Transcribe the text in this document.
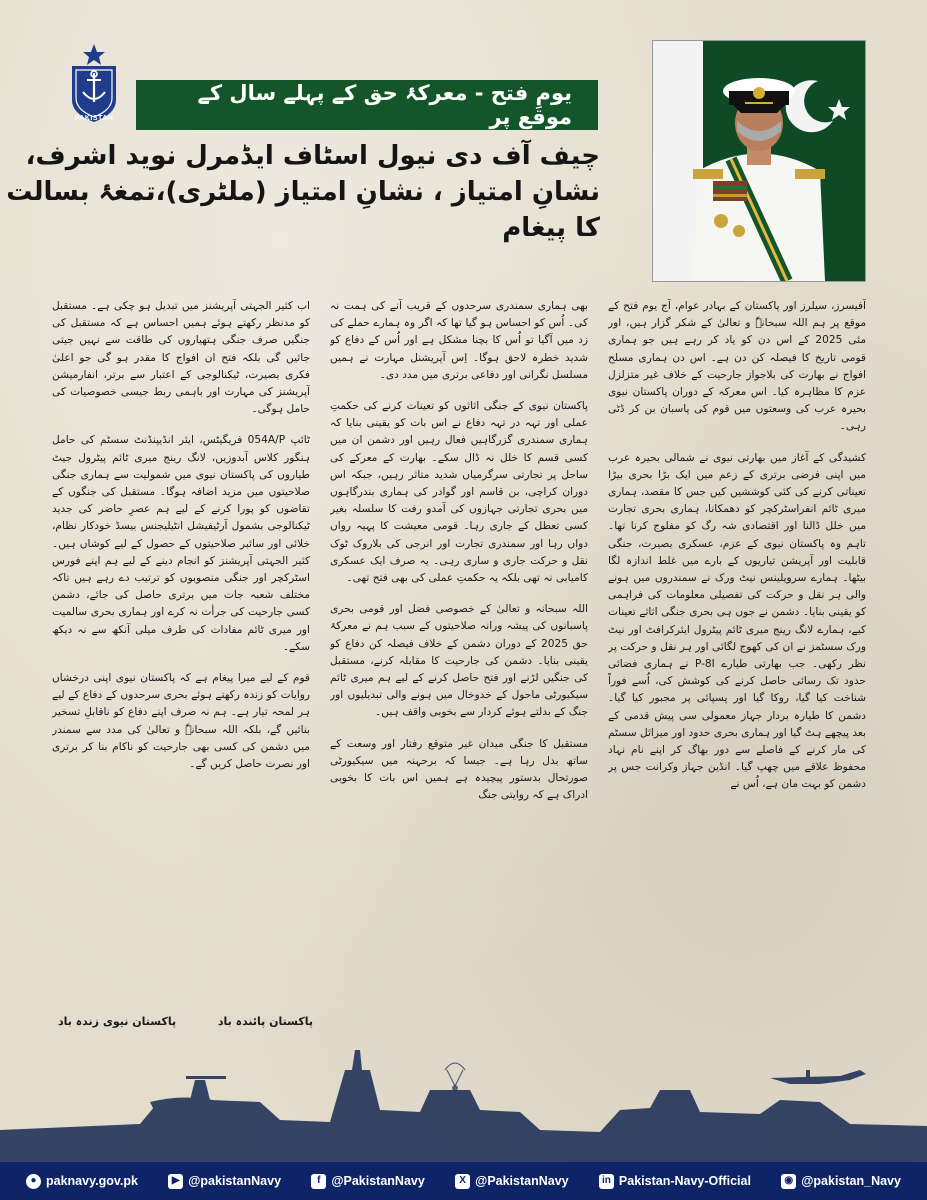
PAKISTAN
یومِ فتح - معرکۂ حق کے پہلے سال کے موقع پر
چیف آف دی نیول اسٹاف ایڈمرل نوید اشرف،
نشانِ امتیاز ، نشانِ امتیاز (ملٹری)،تمغۂ بسالت
کا پیغام

آفیسرز، سیلرز اور پاکستان کے بہادر عوام، آج یوم فتح کے موقع پر ہم اللہ سبحانہٗ و تعالیٰ کے شکر گزار ہیں، اور مئی 2025 کے اس دن کو یاد کر رہے ہیں جو ہماری قومی تاریخ کا فیصلہ کن دن ہے۔ اس دن ہماری مسلح افواج نے بھارت کی بلاجواز جارحیت کے خلاف غیر متزلزل عزم کا مظاہرہ کیا۔ اس معرکہ کے دوران پاکستان نیوی بحیرہ عرب کی وسعتوں میں قوم کی پاسبان بن کر ڈٹی رہی۔

کشیدگی کے آغاز میں بھارتی نیوی نے شمالی بحیرہ عرب میں اپنی فرضی برتری کے زعم میں ایک بڑا بحری بیڑا تعیناتی کرنے کی کئی کوششیں کیں جس کا مقصد، ہماری میری ٹائم انفراسٹرکچر کو دھمکانا، ہماری بحری تجارت میں خلل ڈالنا اور اقتصادی شہ رگ کو مفلوج کرنا تھا۔ تاہم وہ پاکستان نیوی کے عزم، عسکری بصیرت، جنگی قابلیت اور آپریشن تیاریوں کے بارے میں غلط اندازہ لگا بیٹھا۔ ہمارے سرویلینس نیٹ ورک نے سمندروں میں ہونے والی ہر نقل و حرکت کی تفصیلی معلومات کی فراہمی کو یقینی بنایا۔ دشمن نے جوں ہی بحری جنگی اثاثے تعینات کیے، ہمارے لانگ رینج میری ٹائم پیٹرول ایئرکرافٹ اور نیٹ ورک سسٹمز نے ان کی کھوج لگائی اور ہر نقل و حرکت پر نظر رکھی۔ جب بھارتی طیارے P-8I نے ہماری فضائی حدود تک رسائی حاصل کرنے کی کوشش کی، اُسے فوراً شناخت کیا گیا، روکا گیا اور پسپائی پر مجبور کیا گیا۔ دشمن کا طیارہ بردار جہاز معمولی سی پیش قدمی کے بعد پیچھے ہٹ گیا اور ہماری بحری حدود اور میزائل سسٹم کی مار کرنے کے فاصلے سے دور بھاگ کر اپنے نام نہاد محفوظ علاقے میں چھپ گیا۔ انڈین جہاز وکرانت جس پر دشمن کو بہت مان ہے، اُس نے

بھی ہماری سمندری سرحدوں کے قریب آنے کی ہمت نہ کی۔ اُس کو احساس ہو گیا تھا کہ اگر وہ ہمارے حملے کی زد میں آگیا تو اُس کا بچنا مشکل ہے اور اُس کے دفاع کو شدید خطرہ لاحق ہوگا۔ اِس آپریشنل مہارت نے ہمیں مسلسل نگرانی اور دفاعی برتری میں مدد دی۔

پاکستان نیوی کے جنگی اثاثوں کو تعینات کرنے کی حکمتِ عملی اور تہہ در تہہ دفاع نے اس بات کو یقینی بنایا کہ ہماری سمندری گزرگاہیں فعال رہیں اور دشمن ان میں کسی قسم کا خلل نہ ڈال سکے۔ بھارت کے معرکے کی ساحل پر تجارتی سرگرمیاں شدید متاثر رہیں، جبکہ اس دوران کراچی، بن قاسم اور گوادر کی ہماری بندرگاہوں میں بحری تجارتی جہازوں کی آمدو رفت کا سلسلہ بغیر کسی تعطل کے جاری رہا۔ قومی معیشت کا پہیہ رواں دواں رہا اور سمندری تجارت اور انرجی کی بلاروک ٹوک نقل و حرکت جاری و ساری رہی۔ یہ صرف ایک عسکری کامیابی نہ تھی بلکہ یہ حکمتِ عملی کی بھی فتح تھی۔

اللہ سبحانہ و تعالیٰ کے خصوصی فضل اور قومی بحری پاسبانوں کی پیشہ ورانہ صلاحیتوں کے سبب ہم نے معرکۂ حق 2025 کے دوران دشمن کے خلاف فیصلہ کن دفاع کو یقینی بنایا۔ دشمن کی جارحیت کا مقابلہ کرنے، مستقبل کی جنگیں لڑنے اور فتح حاصل کرنے کے لیے ہم میری ٹائم سیکیورٹی ماحول کے خدوخال میں ہونے والی تبدیلیوں اور جنگ کے بدلتے ہوئے کردار سے بخوبی واقف ہیں۔

مستقبل کا جنگی میدان غیر متوقع رفتار اور وسعت کے ساتھ بدل رہا ہے۔ جیسا کہ برحہنہ میں سیکیورٹی صورتحال بدستور پیچیدہ ہے ہمیں اس بات کا بخوبی ادراک ہے کہ روایتی جنگ

اب کثیر الجہتی آپریشنز میں تبدیل ہو چکی ہے۔ مستقبل کو مدنظر رکھتے ہوئے ہمیں احساس ہے کہ مستقبل کی جنگیں صرف جنگی ہتھیاروں کی طاقت سے نہیں جیتی جائیں گی بلکہ فتح ان افواج کا مقدر ہو گی جو اعلیٰ فکری بصیرت، ٹیکنالوجی کے اعتبار سے برتر، انفارمیشن آپریشنز کی مہارت اور باہمی ربط جیسی خصوصیات کی حامل ہوگی۔

ٹائپ 054A/P فریگیٹس، ایئر انڈیپنڈنٹ سسٹم کی حامل ہنگور کلاس آبدوزیں، لانگ رینج میری ٹائم پیٹرول جیٹ طیاروں کی پاکستان نیوی میں شمولیت سے ہماری جنگی صلاحیتوں میں مزید اضافہ ہوگا۔ مستقبل کی جنگوں کے تقاضوں کو پورا کرنے کے لیے ہم عصرِ حاضر کی جدید ٹیکنالوجی بشمول آرٹیفیشل انٹیلیجنس بیسڈ خودکار نظام، خلائی اور سائبر صلاحیتوں کے حصول کے لیے کوشاں ہیں۔ کثیر الجہتی آپریشنز کو انجام دینے کے لیے ہم اپنے فورس اسٹرکچر اور جنگی منصوبوں کو ترتیب دے رہے ہیں تاکہ مختلف شعبہ جات میں برتری حاصل کی جائے، دشمن کسی جارحیت کی جرأت نہ کرے اور ہماری بحری سالمیت اور میری ٹائم مفادات کی طرف میلی آنکھ سے نہ دیکھ سکے۔

قوم کے لیے میرا پیغام ہے کہ پاکستان نیوی اپنی درخشاں روایات کو زندہ رکھتے ہوئے بحری سرحدوں کے دفاع کے لیے ہر لمحہ تیار ہے۔ ہم نہ صرف اپنے دفاع کو ناقابلِ تسخیر بنائیں گے، بلکہ اللہ سبحانہٗ و تعالیٰ کی مدد سے سمندر میں دشمن کی کسی بھی جارحیت کو ناکام بنا کر برتری اور نصرت حاصل کریں گے۔

پاکستان پائندہ باد
پاکستان نیوی زندہ باد
● paknavy.gov.pk	▶ @pakistanNavy	f @PakistanNavy	X @PakistanNavy	in Pakistan-Navy-Official	◉ @pakistan_Navy
